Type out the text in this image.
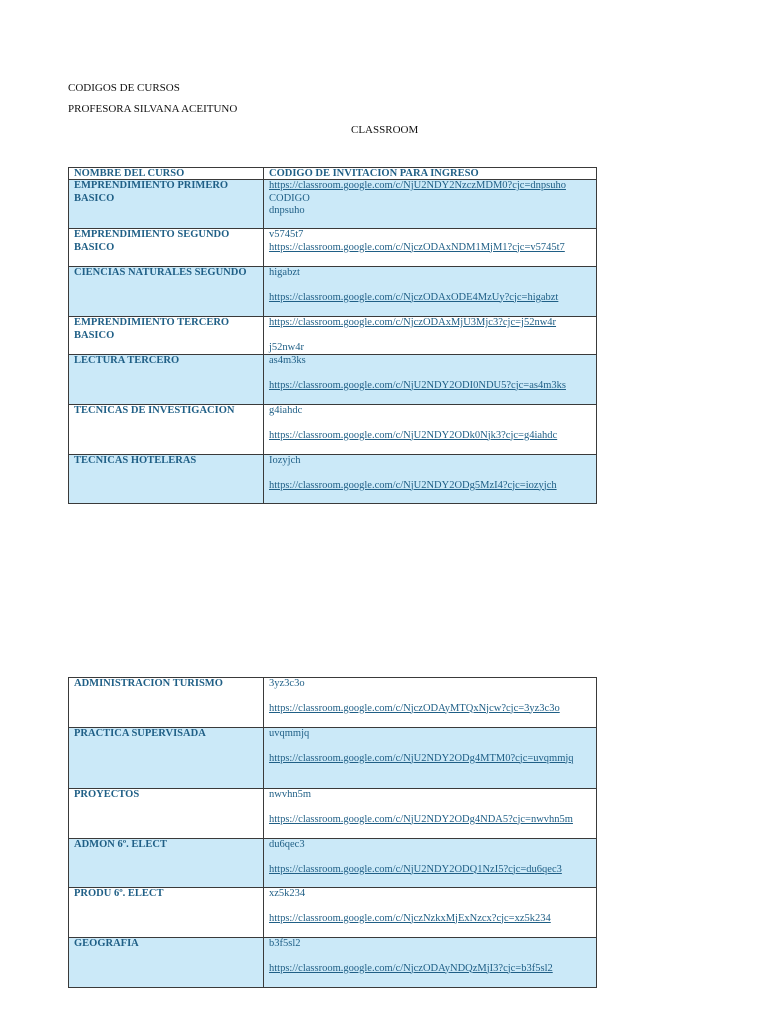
CODIGOS DE CURSOS
PROFESORA SILVANA ACEITUNO
CLASSROOM
NOMBRE DEL CURSO	CODIGO DE INVITACION PARA INGRESO
EMPRENDIMIENTO PRIMERO BASICO	https://classroom.google.com/c/NjU2NDY2NzczMDM0?cjc=dnpsuho
CODIGO
dnpsuho

EMPRENDIMIENTO SEGUNDO BASICO	v5745t7
https://classroom.google.com/c/NjczODAxNDM1MjM1?cjc=v5745t7

CIENCIAS NATURALES SEGUNDO	higabzt
https://classroom.google.com/c/NjczODAxODE4MzUy?cjc=higabzt

EMPRENDIMIENTO TERCERO BASICO	https://classroom.google.com/c/NjczODAxMjU3Mjc3?cjc=j52nw4r
j52nw4r

LECTURA TERCERO	as4m3ks
https://classroom.google.com/c/NjU2NDY2ODI0NDU5?cjc=as4m3ks

TECNICAS DE INVESTIGACION	g4iahdc
https://classroom.google.com/c/NjU2NDY2ODk0Njk3?cjc=g4iahdc

TECNICAS HOTELERAS	Iozyjch
https://classroom.google.com/c/NjU2NDY2ODg5MzI4?cjc=iozyjch
ADMINISTRACION TURISMO	3yz3c3o
https://classroom.google.com/c/NjczODAyMTQxNjcw?cjc=3yz3c3o

PRACTICA SUPERVISADA	uvqmmjq
https://classroom.google.com/c/NjU2NDY2ODg4MTM0?cjc=uvqmmjq

PROYECTOS	nwvhn5m
https://classroom.google.com/c/NjU2NDY2ODg4NDA5?cjc=nwvhn5m

ADMON 6º. ELECT	du6qec3
https://classroom.google.com/c/NjU2NDY2ODQ1NzI5?cjc=du6qec3

PRODU 6º. ELECT	xz5k234
https://classroom.google.com/c/NjczNzkxMjExNzcx?cjc=xz5k234

GEOGRAFIA	b3f5sl2
https://classroom.google.com/c/NjczODAyNDQzMjI3?cjc=b3f5sl2
